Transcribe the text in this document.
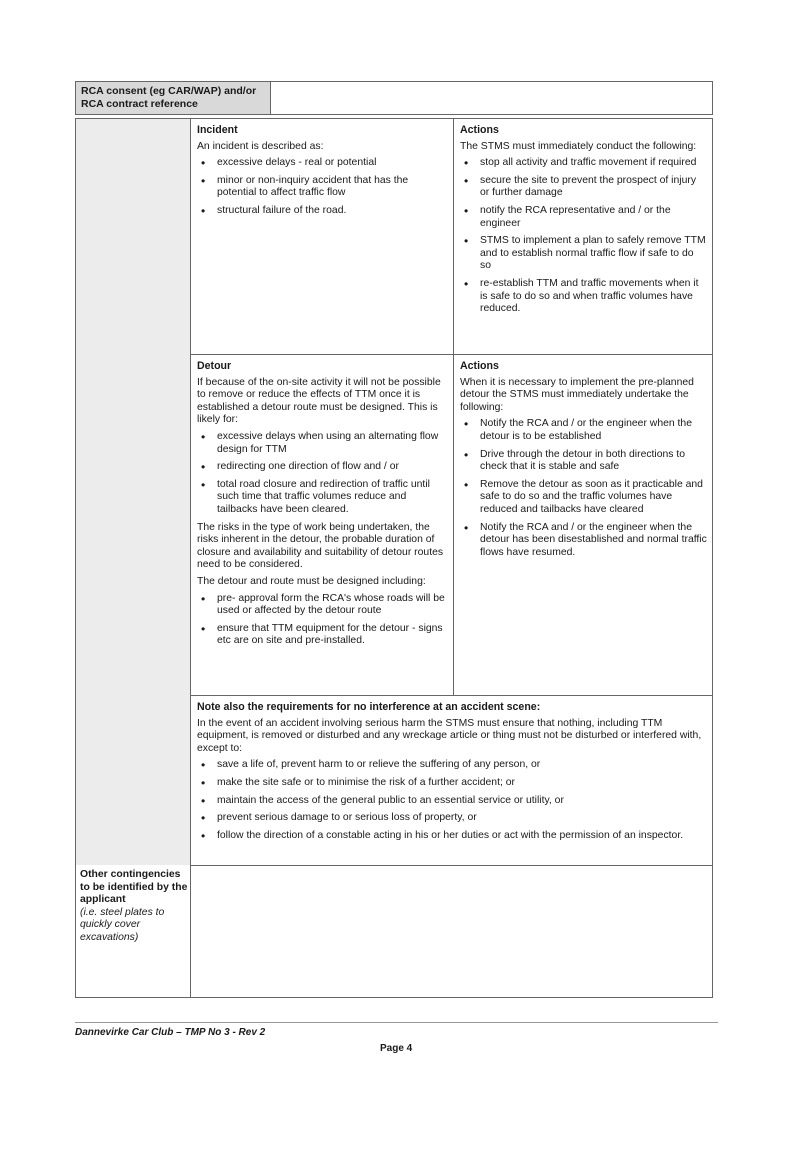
RCA consent (eg CAR/WAP) and/or RCA contract reference
Other contingencies to be identified by the applicant
(i.e. steel plates to quickly cover excavations)
Incident

An incident is described as:

• excessive delays - real or potential
• minor or non-inquiry accident that has the potential to affect traffic flow
• structural failure of the road.
Actions

The STMS must immediately conduct the following:

• stop all activity and traffic movement if required
• secure the site to prevent the prospect of injury or further damage
• notify the RCA representative and / or the engineer
• STMS to implement a plan to safely remove TTM and to establish normal traffic flow if safe to do so
• re-establish TTM and traffic movements when it is safe to do so and when traffic volumes have reduced.
Detour

If because of the on-site activity it will not be possible to remove or reduce the effects of TTM once it is established a detour route must be designed. This is likely for:

• excessive delays when using an alternating flow design for TTM
• redirecting one direction of flow and / or
• total road closure and redirection of traffic until such time that traffic volumes reduce and tailbacks have been cleared.

The risks in the type of work being undertaken, the risks inherent in the detour, the probable duration of closure and availability and suitability of detour routes need to be considered.

The detour and route must be designed including:

• pre- approval form the RCA's whose roads will be used or affected by the detour route
• ensure that TTM equipment for the detour - signs etc are on site and pre-installed.
Actions

When it is necessary to implement the pre-planned detour the STMS must immediately undertake the following:

• Notify the RCA and / or the engineer when the detour is to be established
• Drive through the detour in both directions to check that it is stable and safe
• Remove the detour as soon as it practicable and safe to do so and the traffic volumes have reduced and tailbacks have cleared
• Notify the RCA and / or the engineer when the detour has been disestablished and normal traffic flows have resumed.
Note also the requirements for no interference at an accident scene:

In the event of an accident involving serious harm the STMS must ensure that nothing, including TTM equipment, is removed or disturbed and any wreckage article or thing must not be disturbed or interfered with, except to:

• save a life of, prevent harm to or relieve the suffering of any person, or
• make the site safe or to minimise the risk of a further accident; or
• maintain the access of the general public to an essential service or utility, or
• prevent serious damage to or serious loss of property, or
• follow the direction of a constable acting in his or her duties or act with the permission of an inspector.
Dannevirke Car Club – TMP No 3 - Rev 2
Page 4
